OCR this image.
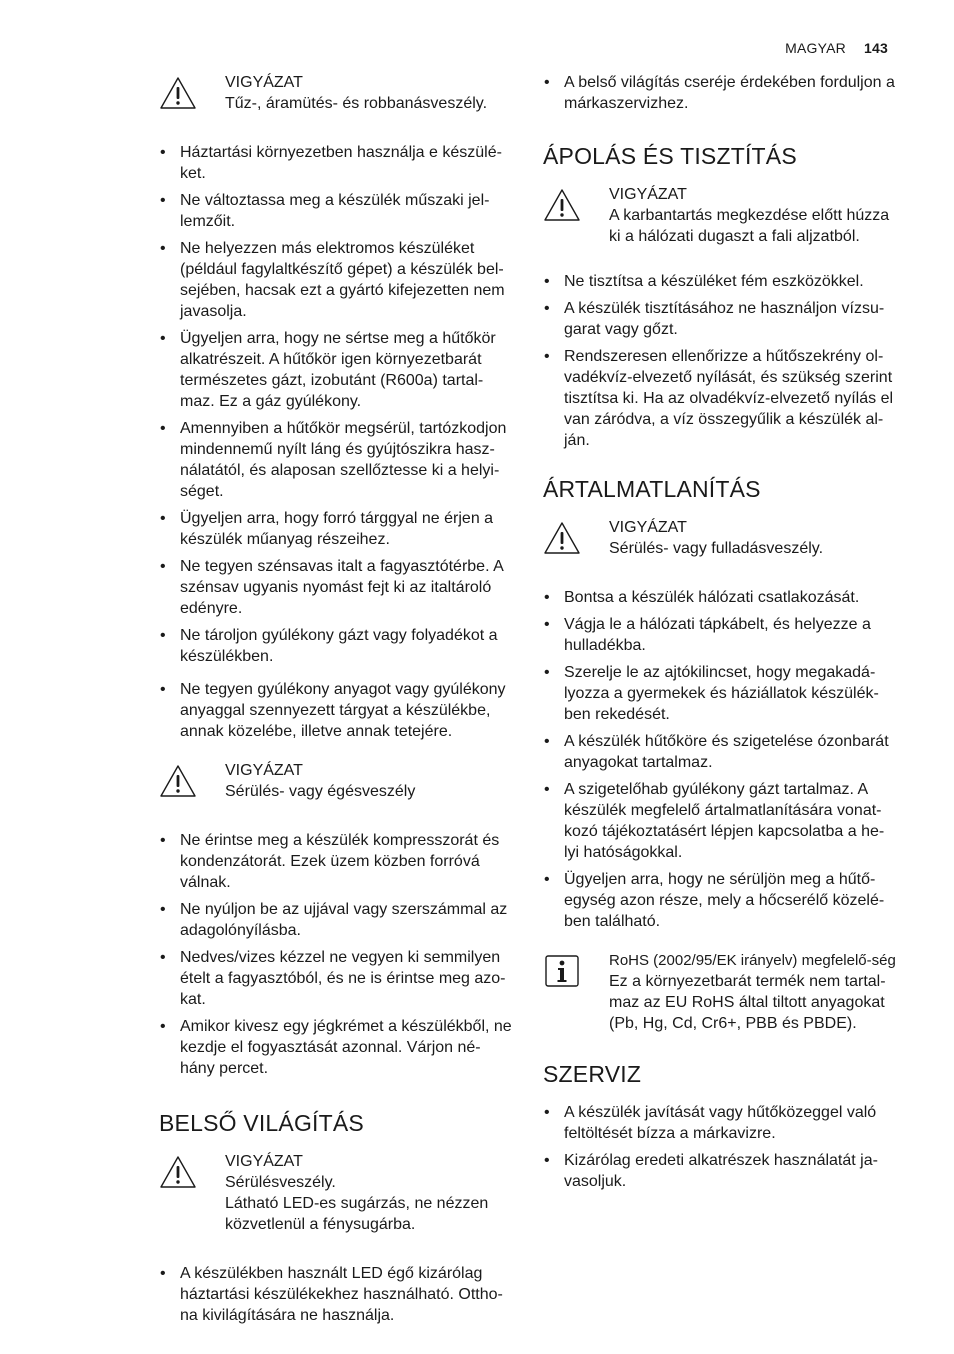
MAGYAR 143
VIGYÁZAT
Tűz-, áramütés- és robbanásveszély.
• Háztartási környezetben használja e készülé-ket.
• Ne változtassa meg a készülék műszaki jel-lemzőit.
• Ne helyezzen más elektromos készüléket (például fagylaltkészítő gépet) a készülék bel-sejében, hacsak ezt a gyártó kifejezetten nem javasolja.
• Ügyeljen arra, hogy ne sértse meg a hűtőkör alkatrészeit. A hűtőkör igen környezetbarát természetes gázt, izobutánt (R600a) tartal-maz. Ez a gáz gyúlékony.
• Amennyiben a hűtőkör megsérül, tartózkodjon mindennemű nyílt láng és gyújtószikra hasz-nálatától, és alaposan szellőztesse ki a helyi-séget.
• Ügyeljen arra, hogy forró tárggyal ne érjen a készülék műanyag részeihez.
• Ne tegyen szénsavas italt a fagyasztótérbe. A szénsav ugyanis nyomást fejt ki az italtároló edényre.
• Ne tároljon gyúlékony gázt vagy folyadékot a készülékben.
• Ne tegyen gyúlékony anyagot vagy gyúlékony anyaggal szennyezett tárgyat a készülékbe, annak közelébe, illetve annak tetejére.
VIGYÁZAT
Sérülés- vagy égésveszély
• Ne érintse meg a készülék kompresszorát és kondenzátorát. Ezek üzem közben forróvá válnak.
• Ne nyúljon be az ujjával vagy szerszámmal az adagolónyílásba.
• Nedves/vizes kézzel ne vegyen ki semmilyen ételt a fagyasztóból, és ne is érintse meg azo-kat.
• Amikor kivesz egy jégkrémet a készülékből, ne kezdje el fogyasztását azonnal. Várjon né-hány percet.
BELSŐ VILÁGÍTÁS
VIGYÁZAT
Sérülésveszély.
Látható LED-es sugárzás, ne nézzen közvetlenül a fénysugárba.
• A készülékben használt LED égő kizárólag háztartási készülékekhez használható. Ottho-na kivilágítására ne használja.
• A belső világítás cseréje érdekében forduljon a márkaszervizhez.
ÁPOLÁS ÉS TISZTÍTÁS
VIGYÁZAT
A karbantartás megkezdése előtt húzza ki a hálózati dugaszt a fali aljzatból.
• Ne tisztítsa a készüléket fém eszközökkel.
• A készülék tisztításához ne használjon vízsu-garat vagy gőzt.
• Rendszeresen ellenőrizze a hűtőszekrény ol-vadékvíz-elvezető nyílását, és szükség szerint tisztítsa ki. Ha az olvadékvíz-elvezető nyílás el van záródva, a víz összegyűlik a készülék al-ján.
ÁRTALMATLANÍTÁS
VIGYÁZAT
Sérülés- vagy fulladásveszély.
• Bontsa a készülék hálózati csatlakozását.
• Vágja le a hálózati tápkábelt, és helyezze a hulladékba.
• Szerelje le az ajtókilincset, hogy megakadá-lyozza a gyermekek és háziállatok készülék-ben rekedését.
• A készülék hűtőköre és szigetelése ózonbarát anyagokat tartalmaz.
• A szigetelőhab gyúlékony gázt tartalmaz. A készülék megfelelő ártalmatlanítására vonat-kozó tájékoztatásért lépjen kapcsolatba a he-lyi hatóságokkal.
• Ügyeljen arra, hogy ne sérüljön meg a hűtő-egység azon része, mely a hőcserélő közelé-ben található.
RoHS (2002/95/EK irányelv) megfelelő-ség
Ez a környezetbarát termék nem tartal-maz az EU RoHS által tiltott anyagokat (Pb, Hg, Cd, Cr6+, PBB és PBDE).
SZERVIZ
• A készülék javítását vagy hűtőközeggel való feltöltését bízza a márkavizre.
• Kizárólag eredeti alkatrészek használatát ja-vasoljuk.
